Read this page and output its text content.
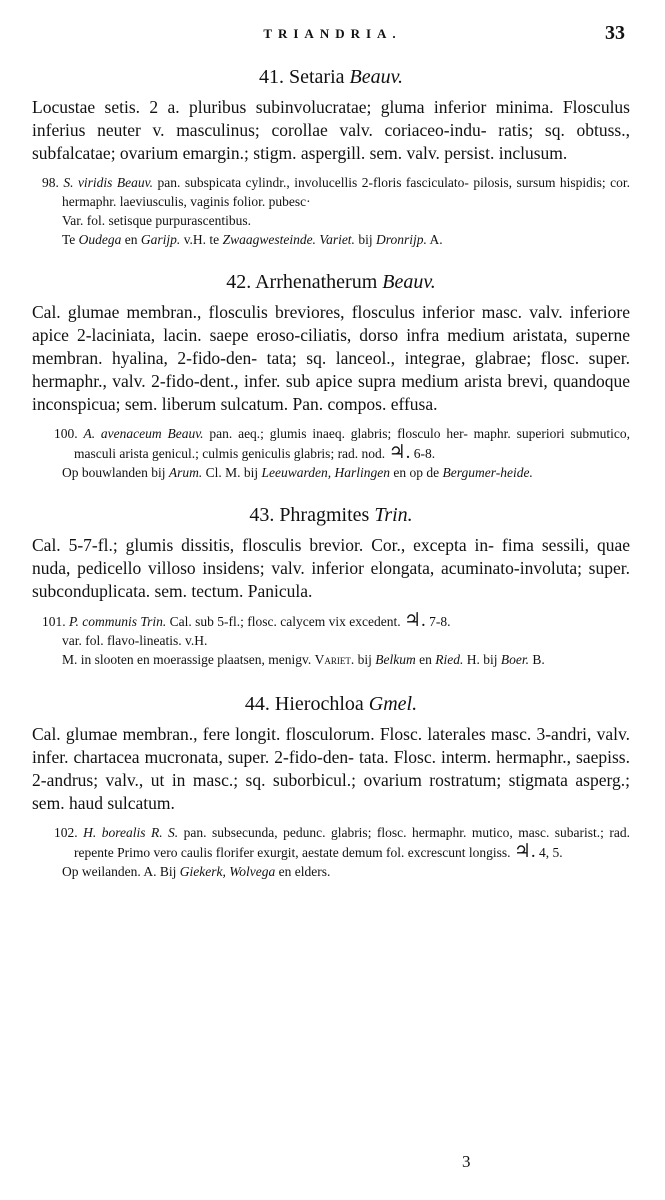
TRIANDRIA.	33
41. Setaria Beauv.

Locustae setis. 2 a. pluribus subinvolucratae; gluma inferior minima. Flosculus inferius neuter v. masculinus; corollae valv. coriaceo-indu- ratis; sq. obtuss., subfalcatae; ovarium emargin.; stigm. aspergill. sem. valv. persist. inclusum.

98. S. viridis Beauv. pan. subspicata cylindr., involucellis 2-floris fasciculato- pilosis, sursum hispidis; cor. hermaphr. laeviusculis, vaginis folior. pubesc·

Var. fol. setisque purpurascentibus.

Te Oudega en Garijp. v.H. te Zwaagwesteinde. Variet. bij Dronrijp. A.

42. Arrhenatherum Beauv.

Cal. glumae membran., flosculis breviores, flosculus inferior masc. valv. inferiore apice 2-laciniata, lacin. saepe eroso-ciliatis, dorso infra medium aristata, superne membran. hyalina, 2-fido-den- tata; sq. lanceol., integrae, glabrae; flosc. super. hermaphr., valv. 2-fido-dent., infer. sub apice supra medium arista brevi, quandoque inconspicua; sem. liberum sulcatum. Pan. compos. effusa.

100. A. avenaceum Beauv. pan. aeq.; glumis inaeq. glabris; flosculo her- maphr. superiori submutico, masculi arista genicul.; culmis geniculis glabris; rad. nod. ♃. 6-8.

Op bouwlanden bij Arum. Cl. M. bij Leeuwarden, Harlingen en op de Bergumer-heide.

43. Phragmites Trin.

Cal. 5-7-fl.; glumis dissitis, flosculis brevior. Cor., excepta in- fima sessili, quae nuda, pedicello villoso insidens; valv. inferior elongata, acuminato-involuta; super. subconduplicata. sem. tectum. Panicula.

101. P. communis Trin. Cal. sub 5-fl.; flosc. calycem vix excedent. ♃. 7-8.

var. fol. flavo-lineatis. v.H.

M. in slooten en moerassige plaatsen, menigv. Variet. bij Belkum en Ried. H. bij Boer. B.

44. Hierochloa Gmel.

Cal. glumae membran., fere longit. flosculorum. Flosc. laterales masc. 3-andri, valv. infer. chartacea mucronata, super. 2-fido-den- tata. Flosc. interm. hermaphr., saepiss. 2-andrus; valv., ut in masc.; sq. suborbicul.; ovarium rostratum; stigmata asperg.; sem. haud sulcatum.

102. H. borealis R. S. pan. subsecunda, pedunc. glabris; flosc. hermaphr. mutico, masc. subarist.; rad. repente Primo vero caulis florifer exurgit, aestate demum fol. excrescunt longiss. ♃. 4, 5.

Op weilanden. A. Bij Giekerk, Wolvega en elders.

3
